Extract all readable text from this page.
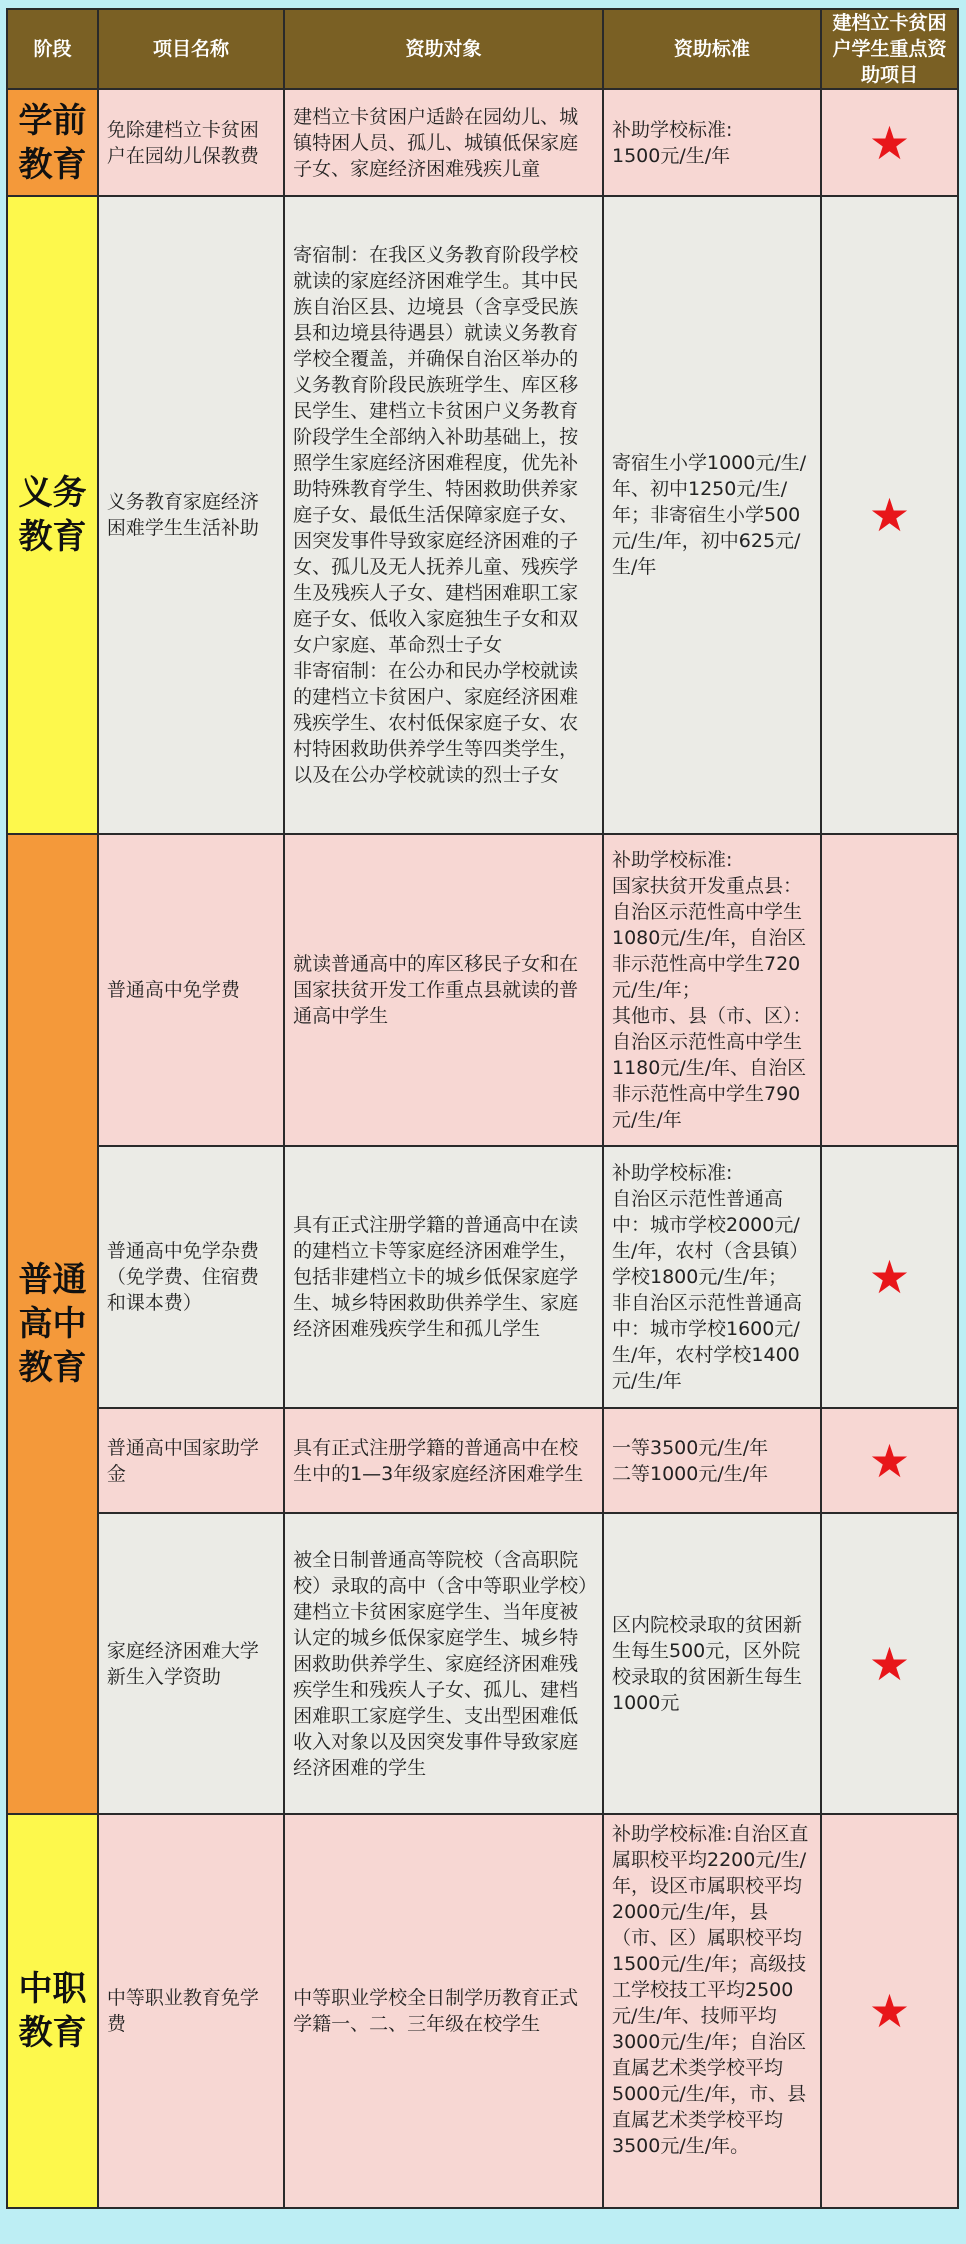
阶段	项目名称	资助对象	资助标准	建档立卡贫困户学生重点资助项目
学前
教育	免除建档立卡贫困户在园幼儿保教费	建档立卡贫困户适龄在园幼儿、城镇特困人员、孤儿、城镇低保家庭子女、家庭经济困难残疾儿童	补助学校标准:
1500元/生/年	★
义务
教育	义务教育家庭经济困难学生生活补助	寄宿制：在我区义务教育阶段学校就读的家庭经济困难学生。其中民族自治区县、边境县（含享受民族县和边境县待遇县）就读义务教育学校全覆盖，并确保自治区举办的义务教育阶段民族班学生、库区移民学生、建档立卡贫困户义务教育阶段学生全部纳入补助基础上，按照学生家庭经济困难程度，优先补助特殊教育学生、特困救助供养家庭子女、最低生活保障家庭子女、因突发事件导致家庭经济困难的子女、孤儿及无人抚养儿童、残疾学生及残疾人子女、建档困难职工家庭子女、低收入家庭独生子女和双女户家庭、革命烈士子女
非寄宿制：在公办和民办学校就读的建档立卡贫困户、家庭经济困难残疾学生、农村低保家庭子女、农村特困救助供养学生等四类学生，以及在公办学校就读的烈士子女	寄宿生小学1000元/生/年、初中1250元/生/年；非寄宿生小学500元/生/年，初中625元/生/年	★
普通
高中
教育	普通高中免学费	就读普通高中的库区移民子女和在国家扶贫开发工作重点县就读的普通高中学生	补助学校标准:
国家扶贫开发重点县：自治区示范性高中学生1080元/生/年，自治区非示范性高中学生720元/生/年；
其他市、县（市、区）：自治区示范性高中学生1180元/生/年、自治区非示范性高中学生790元/生/年	
	普通高中免学杂费（免学费、住宿费和课本费）	具有正式注册学籍的普通高中在读的建档立卡等家庭经济困难学生，包括非建档立卡的城乡低保家庭学生、城乡特困救助供养学生、家庭经济困难残疾学生和孤儿学生	补助学校标准:
自治区示范性普通高中：城市学校2000元/生/年，农村（含县镇）学校1800元/生/年；
非自治区示范性普通高中：城市学校1600元/生/年，农村学校1400元/生/年	★
	普通高中国家助学金	具有正式注册学籍的普通高中在校生中的1—3年级家庭经济困难学生	一等3500元/生/年
二等1000元/生/年	★
	家庭经济困难大学新生入学资助	被全日制普通高等院校（含高职院校）录取的高中（含中等职业学校）建档立卡贫困家庭学生、当年度被认定的城乡低保家庭学生、城乡特困救助供养学生、家庭经济困难残疾学生和残疾人子女、孤儿、建档困难职工家庭学生、支出型困难低收入对象以及因突发事件导致家庭经济困难的学生	区内院校录取的贫困新生每生500元，区外院校录取的贫困新生每生1000元	★
中职
教育	中等职业教育免学费	中等职业学校全日制学历教育正式学籍一、二、三年级在校学生	补助学校标准:自治区直属职校平均2200元/生/年，设区市属职校平均2000元/生/年，县（市、区）属职校平均1500元/生/年；高级技工学校技工平均2500元/生/年、技师平均3000元/生/年；自治区直属艺术类学校平均5000元/生/年，市、县直属艺术类学校平均3500元/生/年。	★
